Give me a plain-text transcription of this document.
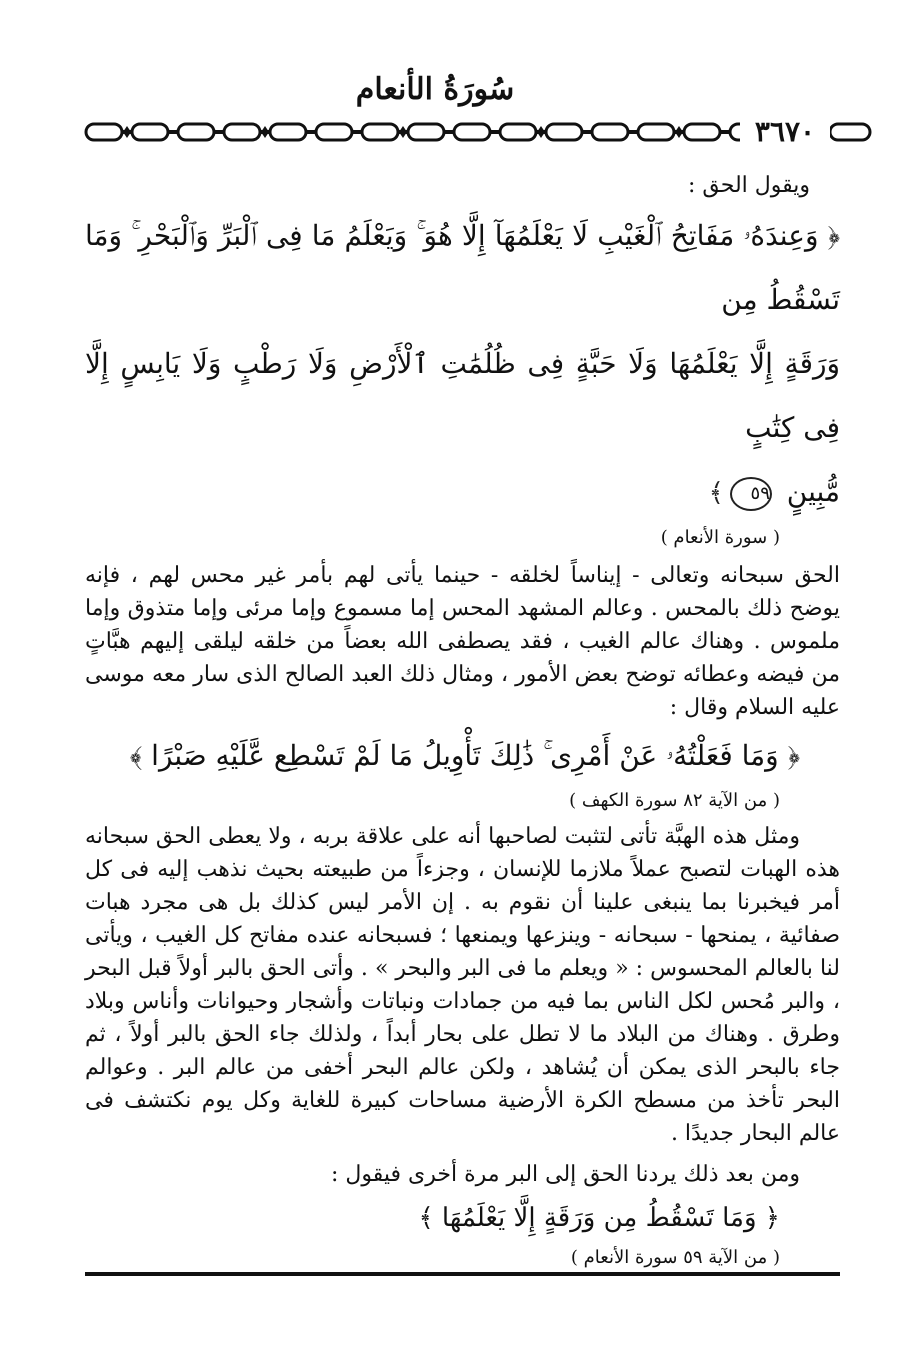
سُورَةُ الأنعام
٣٦٧٠

ويقول الحق :

﴿ وَعِندَهُۥ مَفَاتِحُ ٱلْغَيْبِ لَا يَعْلَمُهَآ إِلَّا هُوَ ۚ وَيَعْلَمُ مَا فِى ٱلْبَرِّ وَٱلْبَحْرِ ۚ وَمَا تَسْقُطُ مِن

وَرَقَةٍ إِلَّا يَعْلَمُهَا وَلَا حَبَّةٍ فِى ظُلُمَٰتِ ٱلْأَرْضِ وَلَا رَطْبٍ وَلَا يَابِسٍ إِلَّا فِى كِتَٰبٍ

مُّبِينٍ ٥٩﴾

( سورة الأنعام )

الحق سبحانه وتعالى - إيناساً لخلقه - حينما يأتى لهم بأمر غير محس لهم ، فإنه يوضح ذلك بالمحس . وعالم المشهد المحس إما مسموع وإما مرئى وإما متذوق وإما ملموس . وهناك عالم الغيب ، فقد يصطفى الله بعضاً من خلقه ليلقى إليهم هبَّاتٍ من فيضه وعطائه توضح بعض الأمور ، ومثال ذلك العبد الصالح الذى سار معه موسى عليه السلام وقال :

﴿ وَمَا فَعَلْتُهُۥ عَنْ أَمْرِى ۚ ذَٰلِكَ تَأْوِيلُ مَا لَمْ تَسْطِع عَّلَيْهِ صَبْرًا ﴾

( من الآية ٨٢ سورة الكهف )

ومثل هذه الهبَّة تأتى لتثبت لصاحبها أنه على علاقة بربه ، ولا يعطى الحق سبحانه هذه الهبات لتصبح عملاً ملازما للإنسان ، وجزءاً من طبيعته بحيث نذهب إليه فى كل أمر فيخبرنا بما ينبغى علينا أن نقوم به . إن الأمر ليس كذلك بل هى مجرد هبات صفائية ، يمنحها - سبحانه - وينزعها ويمنعها ؛ فسبحانه عنده مفاتح كل الغيب ، ويأتى لنا بالعالم المحسوس : « ويعلم ما فى البر والبحر » . وأتى الحق بالبر أولاً قبل البحر ، والبر مُحس لكل الناس بما فيه من جمادات ونباتات وأشجار وحيوانات وأناس وبلاد وطرق . وهناك من البلاد ما لا تطل على بحار أبداً ، ولذلك جاء الحق بالبر أولاً ، ثم جاء بالبحر الذى يمكن أن يُشاهد ، ولكن عالم البحر أخفى من عالم البر . وعوالم البحر تأخذ من مسطح الكرة الأرضية مساحات كبيرة للغاية وكل يوم نكتشف فى عالم البحار جديدًا .

ومن بعد ذلك يردنا الحق إلى البر مرة أخرى فيقول :

﴿ وَمَا تَسْقُطُ مِن وَرَقَةٍ إِلَّا يَعْلَمُهَا ﴾

( من الآية ٥٩ سورة الأنعام )
